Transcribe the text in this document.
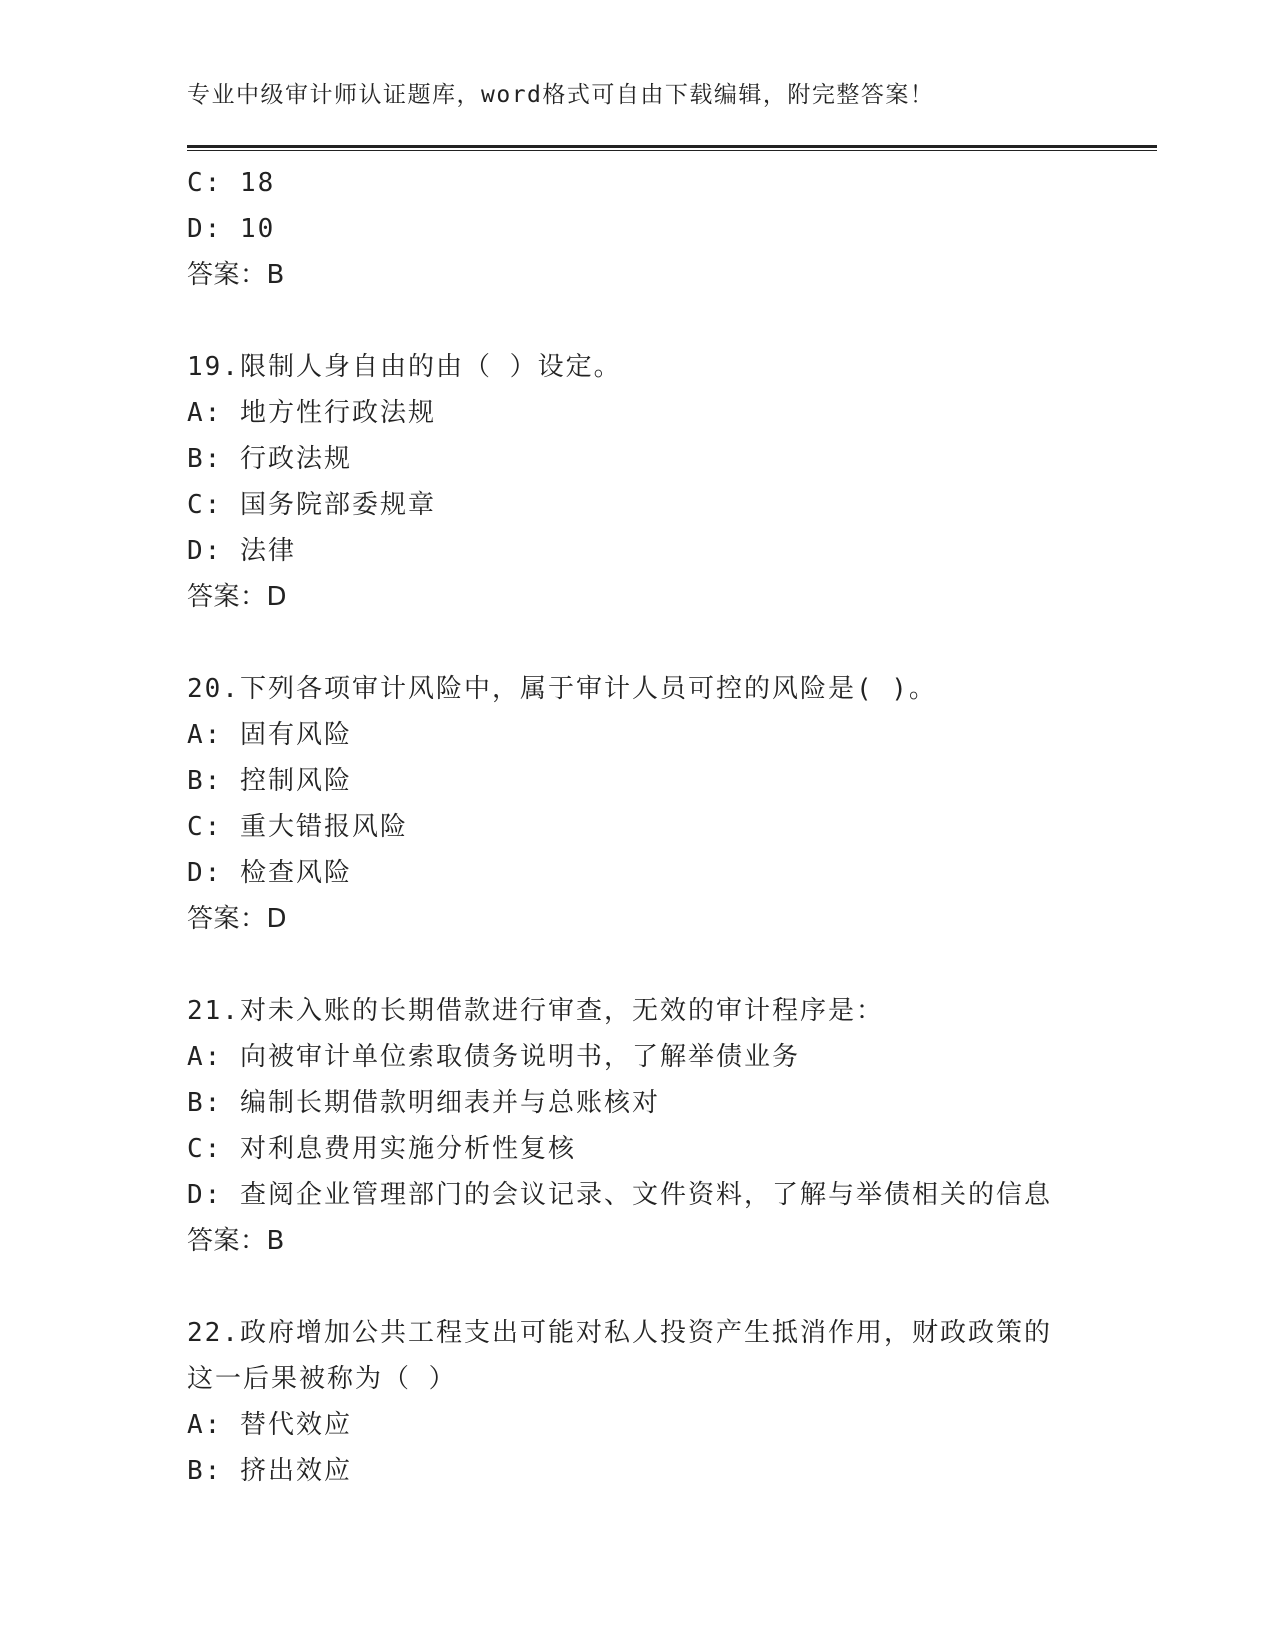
专业中级审计师认证题库，word格式可自由下载编辑，附完整答案！
C: 18
D: 10
答案：B
19.限制人身自由的由（ ）设定。
A: 地方性行政法规
B: 行政法规
C: 国务院部委规章
D: 法律
答案：D
20.下列各项审计风险中，属于审计人员可控的风险是( )。
A: 固有风险
B: 控制风险
C: 重大错报风险
D: 检查风险
答案：D
21.对未入账的长期借款进行审查，无效的审计程序是：
A: 向被审计单位索取债务说明书，了解举债业务
B: 编制长期借款明细表并与总账核对
C: 对利息费用实施分析性复核
D: 查阅企业管理部门的会议记录、文件资料，了解与举债相关的信息
答案：B
22.政府增加公共工程支出可能对私人投资产生抵消作用，财政政策的
这一后果被称为（ ）
A: 替代效应
B: 挤出效应
